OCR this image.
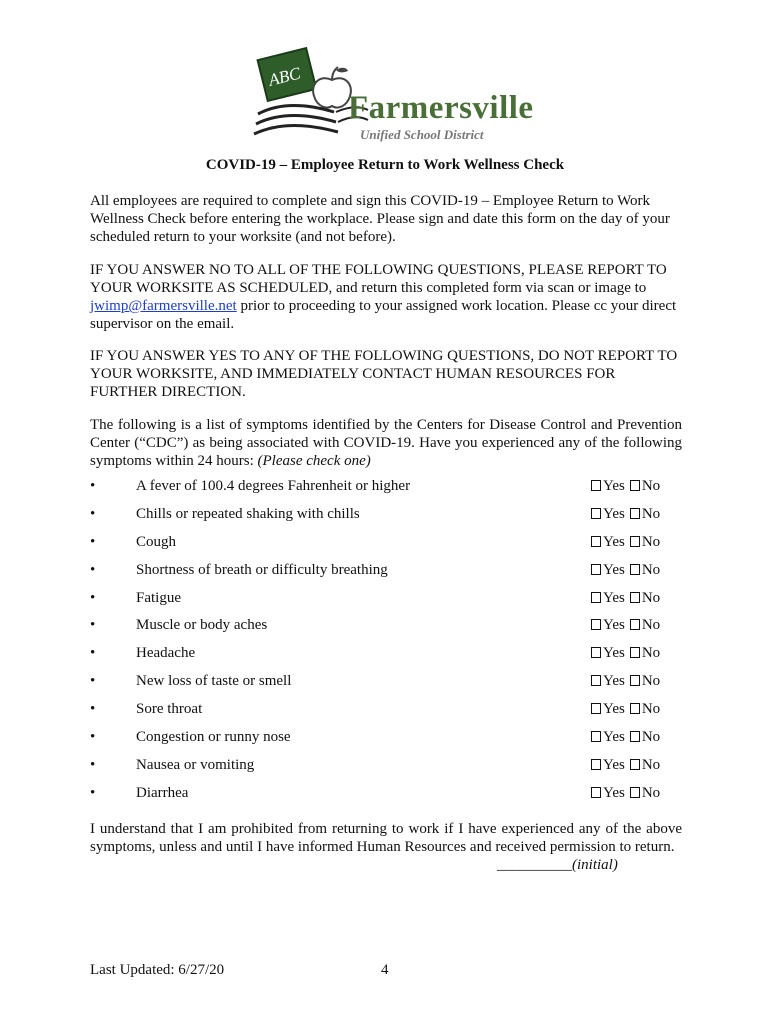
ABC
Farmersville
Unified School District
COVID-19 – Employee Return to Work Wellness Check
All employees are required to complete and sign this COVID-19 – Employee Return to Work Wellness Check before entering the workplace. Please sign and date this form on the day of your scheduled return to your worksite (and not before).
IF YOU ANSWER NO TO ALL OF THE FOLLOWING QUESTIONS, PLEASE REPORT TO YOUR WORKSITE AS SCHEDULED, and return this completed form via scan or image to jwimp@farmersville.net prior to proceeding to your assigned work location. Please cc your direct supervisor on the email.
IF YOU ANSWER YES TO ANY OF THE FOLLOWING QUESTIONS, DO NOT REPORT TO YOUR WORKSITE, AND IMMEDIATELY CONTACT HUMAN RESOURCES FOR FURTHER DIRECTION.
The following is a list of symptoms identified by the Centers for Disease Control and Prevention Center (“CDC”) as being associated with COVID-19. Have you experienced any of the following symptoms within 24 hours: (Please check one)
•	A fever of 100.4 degrees Fahrenheit or higher	Yes No
•	Chills or repeated shaking with chills	Yes No
•	Cough	Yes No
•	Shortness of breath or difficulty breathing	Yes No
•	Fatigue	Yes No
•	Muscle or body aches	Yes No
•	Headache	Yes No
•	New loss of taste or smell	Yes No
•	Sore throat	Yes No
•	Congestion or runny nose	Yes No
•	Nausea or vomiting	Yes No
•	Diarrhea	Yes No
I understand that I am prohibited from returning to work if I have experienced any of the above symptoms, unless and until I have informed Human Resources and received permission to return.
__________(initial)
Last Updated: 6/27/20	4
